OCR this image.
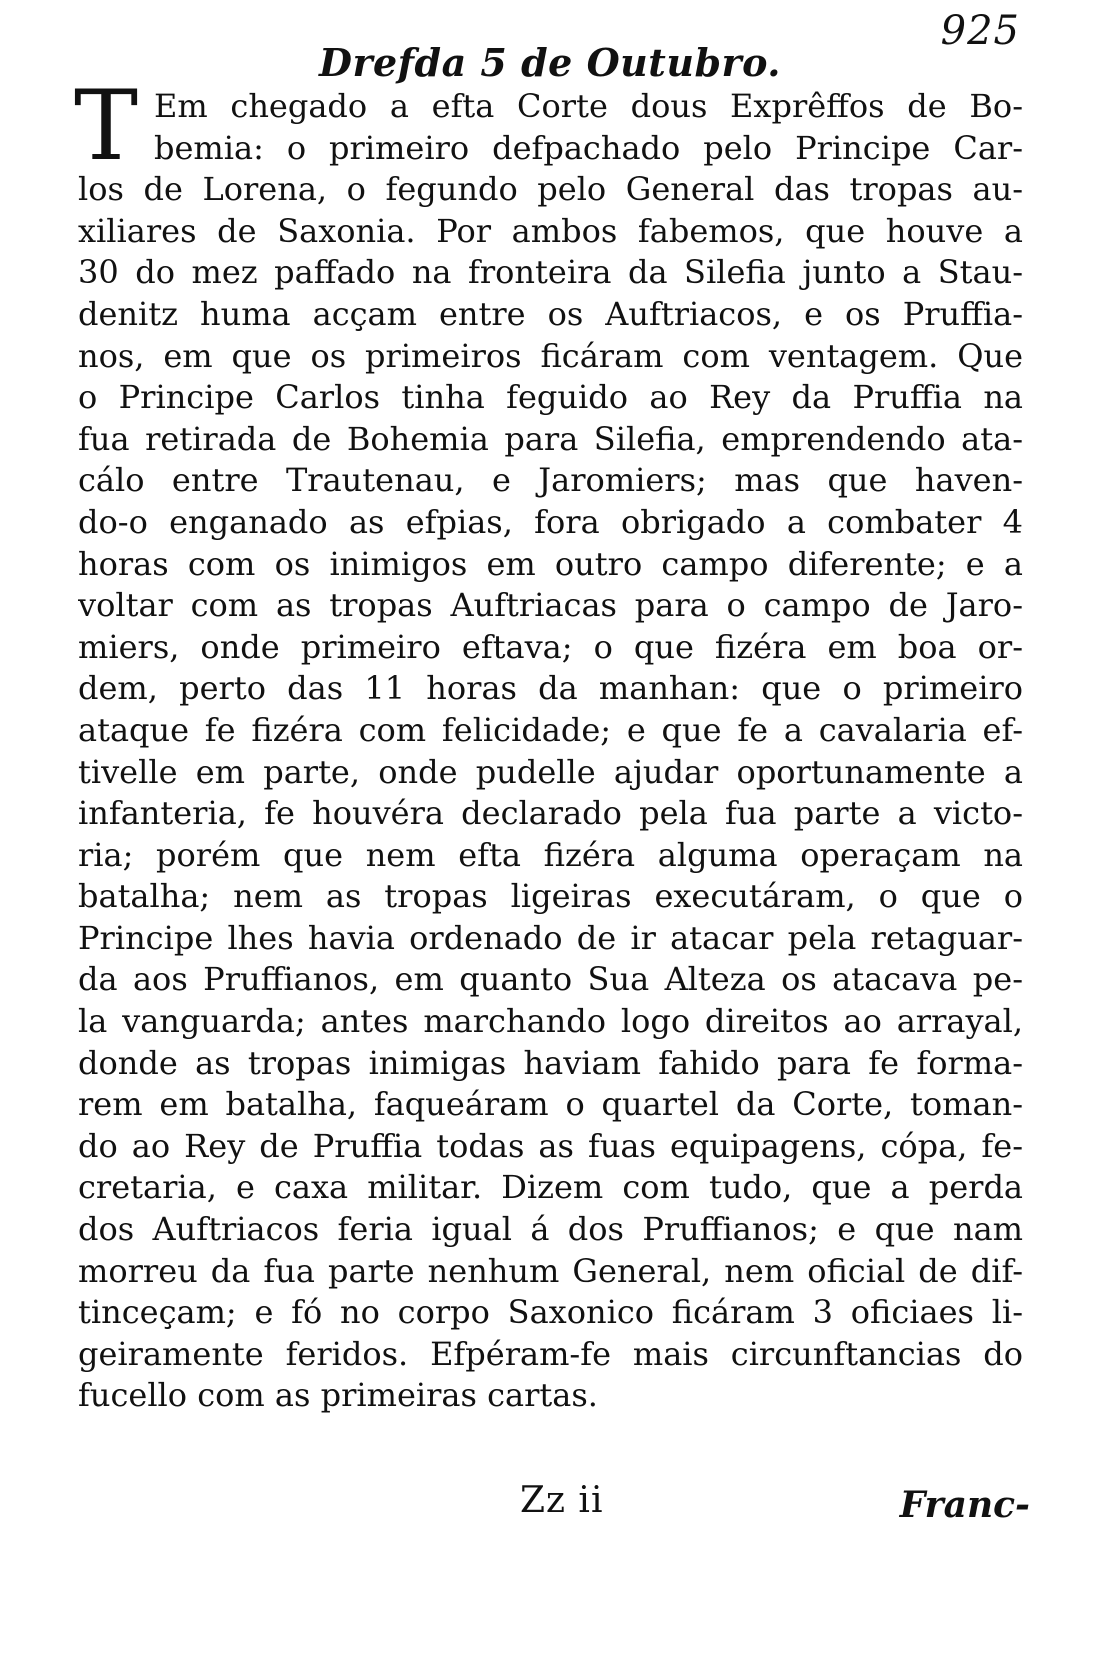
925
Drefda 5 de Outubro.
T Em chegado a efta Corte dous Exprêffos de Bo-
bemia: o primeiro defpachado pelo Principe Car-
los de Lorena, o fegundo pelo General das tropas au-
xiliares de Saxonia. Por ambos fabemos, que houve a
30 do mez paffado na fronteira da Silefia junto a Stau-
denitz huma acçam entre os Auftriacos, e os Pruffia-
nos, em que os primeiros ficáram com ventagem. Que
o Principe Carlos tinha feguido ao Rey da Pruffia na
fua retirada de Bohemia para Silefia, emprendendo ata-
cálo entre Trautenau, e Jaromiers; mas que haven-
do-o enganado as efpias, fora obrigado a combater 4
horas com os inimigos em outro campo diferente; e a
voltar com as tropas Auftriacas para o campo de Jaro-
miers, onde primeiro eftava; o que fizéra em boa or-
dem, perto das 11 horas da manhan: que o primeiro
ataque fe fizéra com felicidade; e que fe a cavalaria ef-
tivelle em parte, onde pudelle ajudar oportunamente a
infanteria, fe houvéra declarado pela fua parte a victo-
ria; porém que nem efta fizéra alguma operaçam na
batalha; nem as tropas ligeiras executáram, o que o
Principe lhes havia ordenado de ir atacar pela retaguar-
da aos Pruffianos, em quanto Sua Alteza os atacava pe-
la vanguarda; antes marchando logo direitos ao arrayal,
donde as tropas inimigas haviam fahido para fe forma-
rem em batalha, faqueáram o quartel da Corte, toman-
do ao Rey de Pruffia todas as fuas equipagens, cópa, fe-
cretaria, e caxa militar. Dizem com tudo, que a perda
dos Auftriacos feria igual á dos Pruffianos; e que nam
morreu da fua parte nenhum General, nem oficial de dif-
tinceçam; e fó no corpo Saxonico ficáram 3 oficiaes li-
geiramente feridos. Efpéram-fe mais circunftancias do
fucello com as primeiras cartas.
Zz ii	Franc-
